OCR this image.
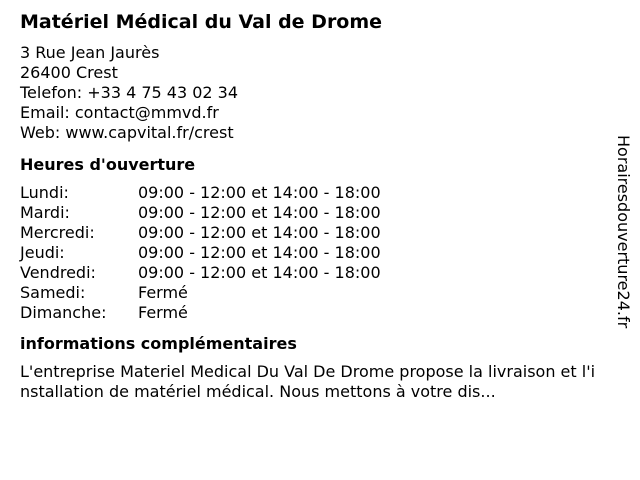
Matériel Médical du Val de Drome
3 Rue Jean Jaurès
26400 Crest
Telefon: +33 4 75 43 02 34
Email: contact@mmvd.fr
Web: www.capvital.fr/crest
Heures d'ouverture
Lundi:	09:00 - 12:00 et 14:00 - 18:00
Mardi:	09:00 - 12:00 et 14:00 - 18:00
Mercredi:	09:00 - 12:00 et 14:00 - 18:00
Jeudi:	09:00 - 12:00 et 14:00 - 18:00
Vendredi:	09:00 - 12:00 et 14:00 - 18:00
Samedi:	Fermé
Dimanche:	Fermé
informations complémentaires
L'entreprise Materiel Medical Du Val De Drome propose la livraison et l'installation de matériel médical. Nous mettons à votre dis...
Horairesdouverture24.fr
